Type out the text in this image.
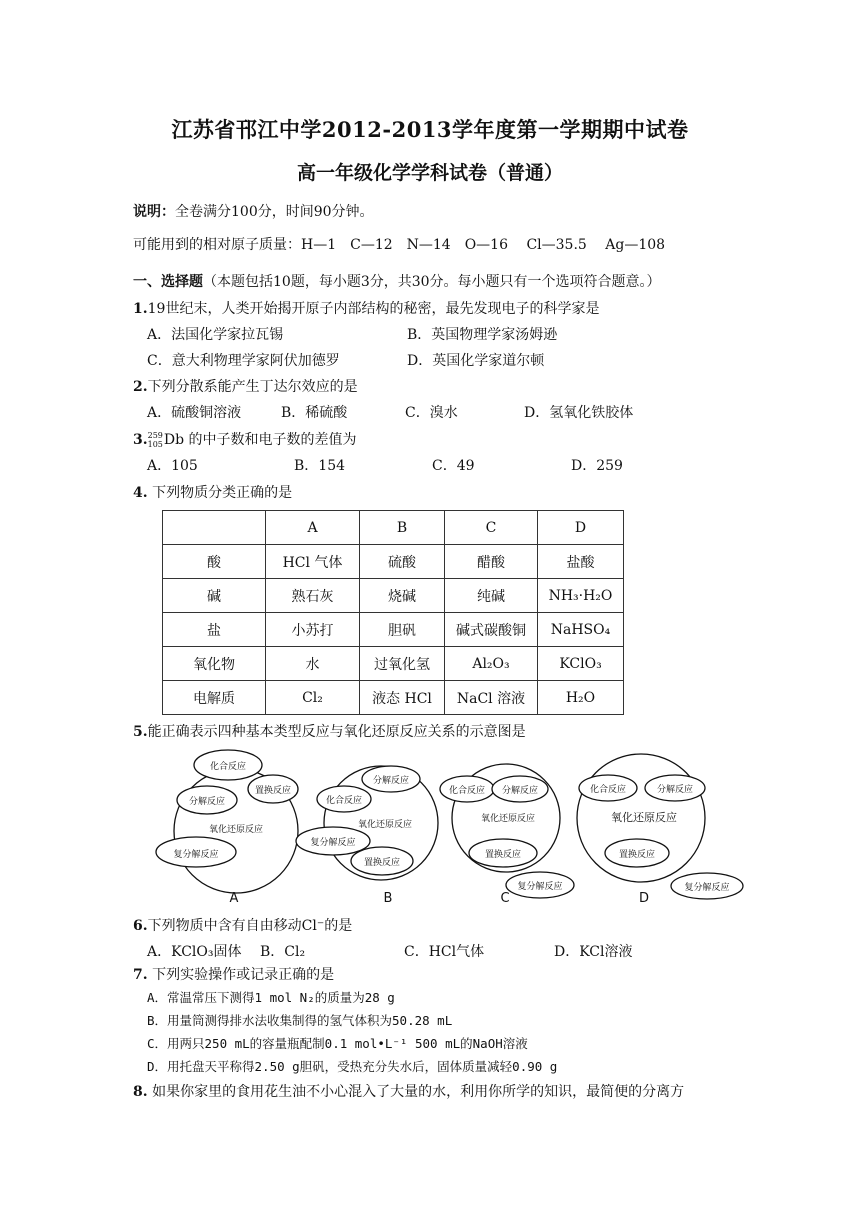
江苏省邗江中学2012-2013学年度第一学期期中试卷
高一年级化学学科试卷（普通）
说明：全卷满分100分，时间90分钟。
可能用到的相对原子质量：H—1　C—12　N—14　O—16　 Cl—35.5　 Ag—108
一、选择题（本题包括10题，每小题3分，共30分。每小题只有一个选项符合题意。）
1.19世纪末，人类开始揭开原子内部结构的秘密，最先发现电子的科学家是
A．法国化学家拉瓦锡	B．英国物理学家汤姆逊
C．意大利物理学家阿伏加德罗	D．英国化学家道尔顿
2.下列分散系能产生丁达尔效应的是
A．硫酸铜溶液	B．稀硫酸	C．溴水	D．氢氧化铁胶体
3. 259
105 Db 的中子数和电子数的差值为
A．105	B．154	C．49	D．259
4. 下列物质分类正确的是
	A	B	C	D
酸	HCl 气体	硫酸	醋酸	盐酸
碱	熟石灰	烧碱	纯碱	NH₃·H₂O
盐	小苏打	胆矾	碱式碳酸铜	NaHSO₄
氧化物	水	过氧化氢	Al₂O₃	KClO₃
电解质	Cl₂	液态 HCl	NaCl 溶液	H₂O
5.能正确表示四种基本类型反应与氧化还原反应关系的示意图是
化合反应
置换反应
分解反应
氧化还原反应
复分解反应
分解反应
化合反应
氧化还原反应
复分解反应
置换反应
化合反应 分解反应
氧化还原反应
置换反应
复分解反应
化合反应	分解反应
氧化还原反应
置换反应
复分解反应
A	B	C	D
6.下列物质中含有自由移动Cl⁻的是
A．KClO₃固体 B．Cl₂	C．HCl气体	D．KCl溶液
7. 下列实验操作或记录正确的是
A．常温常压下测得1 mol N₂的质量为28 g
B．用量筒测得排水法收集制得的氢气体积为50.28 mL
C．用两只250 mL的容量瓶配制0.1 mol•L⁻¹ 500 mL的NaOH溶液
D．用托盘天平称得2.50 g胆矾，受热充分失水后，固体质量减轻0.90 g
8. 如果你家里的食用花生油不小心混入了大量的水，利用你所学的知识，最简便的分离方
